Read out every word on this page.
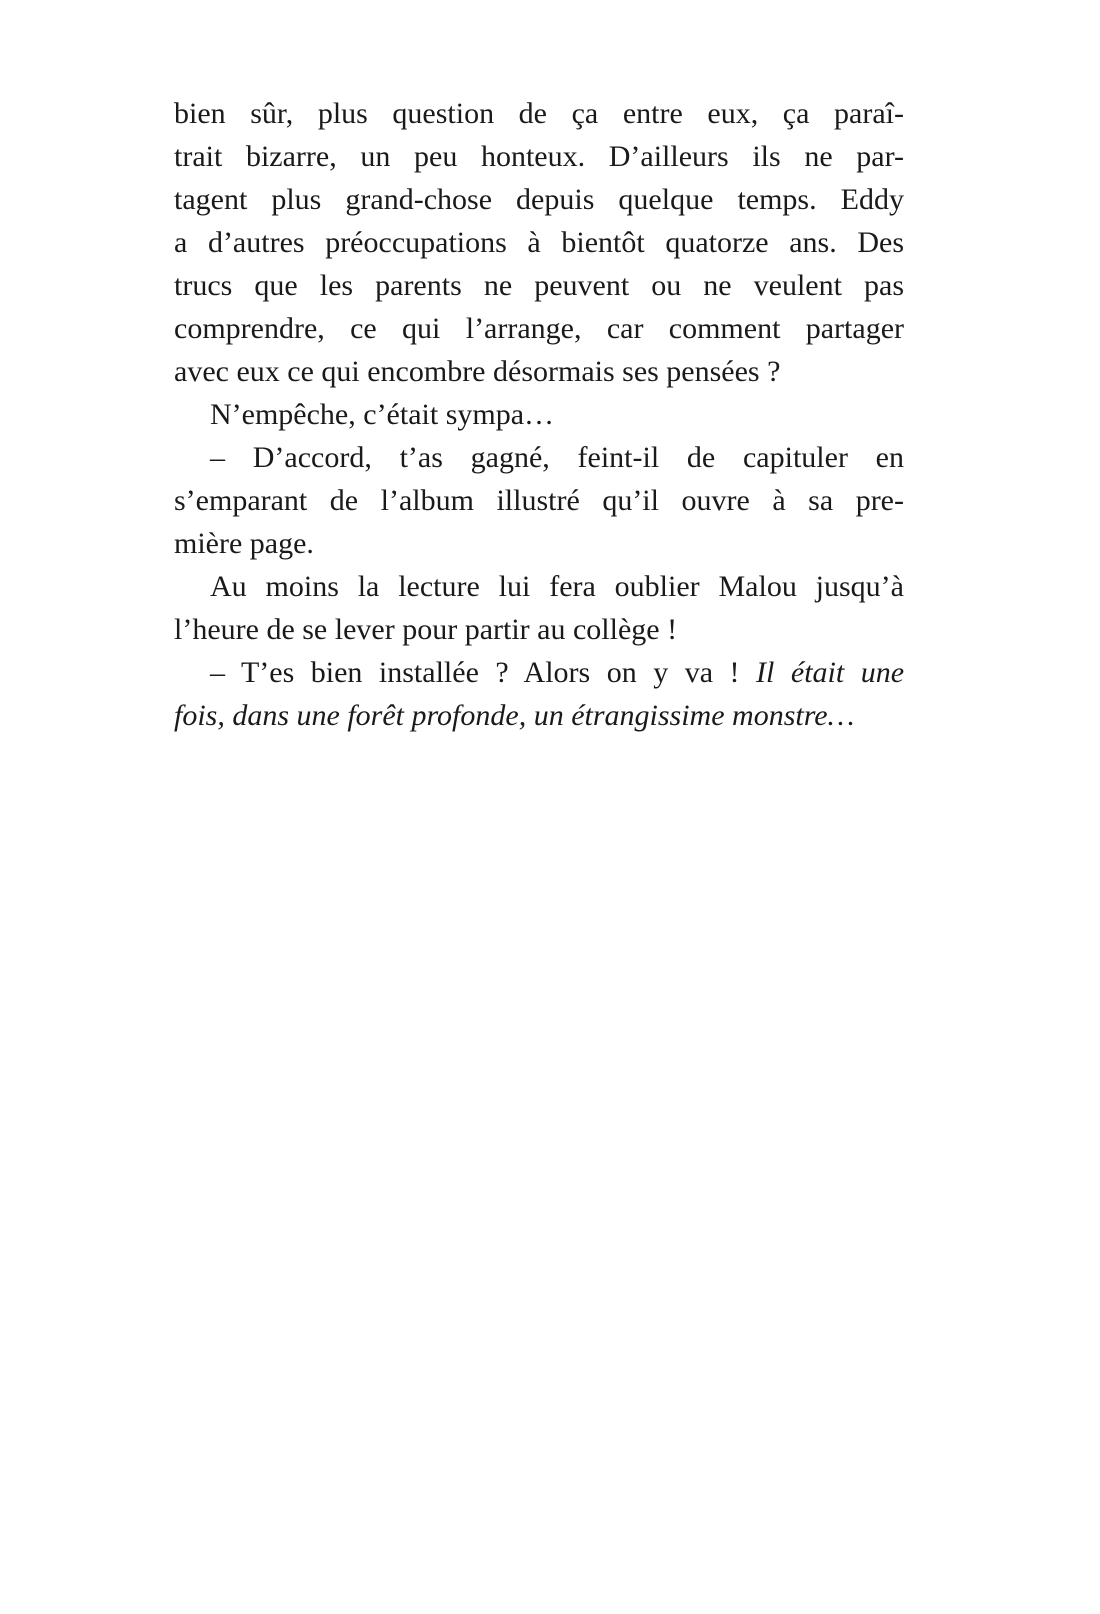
bien sûr, plus question de ça entre eux, ça paraî-
trait bizarre, un peu honteux. D’ailleurs ils ne par-
tagent plus grand-chose depuis quelque temps. Eddy
a d’autres préoccupations à bientôt quatorze ans. Des
trucs que les parents ne peuvent ou ne veulent pas
comprendre, ce qui l’arrange, car comment partager
avec eux ce qui encombre désormais ses pensées ?
N’empêche, c’était sympa…
– D’accord, t’as gagné, feint-il de capituler en
s’emparant de l’album illustré qu’il ouvre à sa pre-
mière page.
Au moins la lecture lui fera oublier Malou jusqu’à
l’heure de se lever pour partir au collège !
– T’es bien installée ? Alors on y va ! Il était une
fois, dans une forêt profonde, un étrangissime monstre…
